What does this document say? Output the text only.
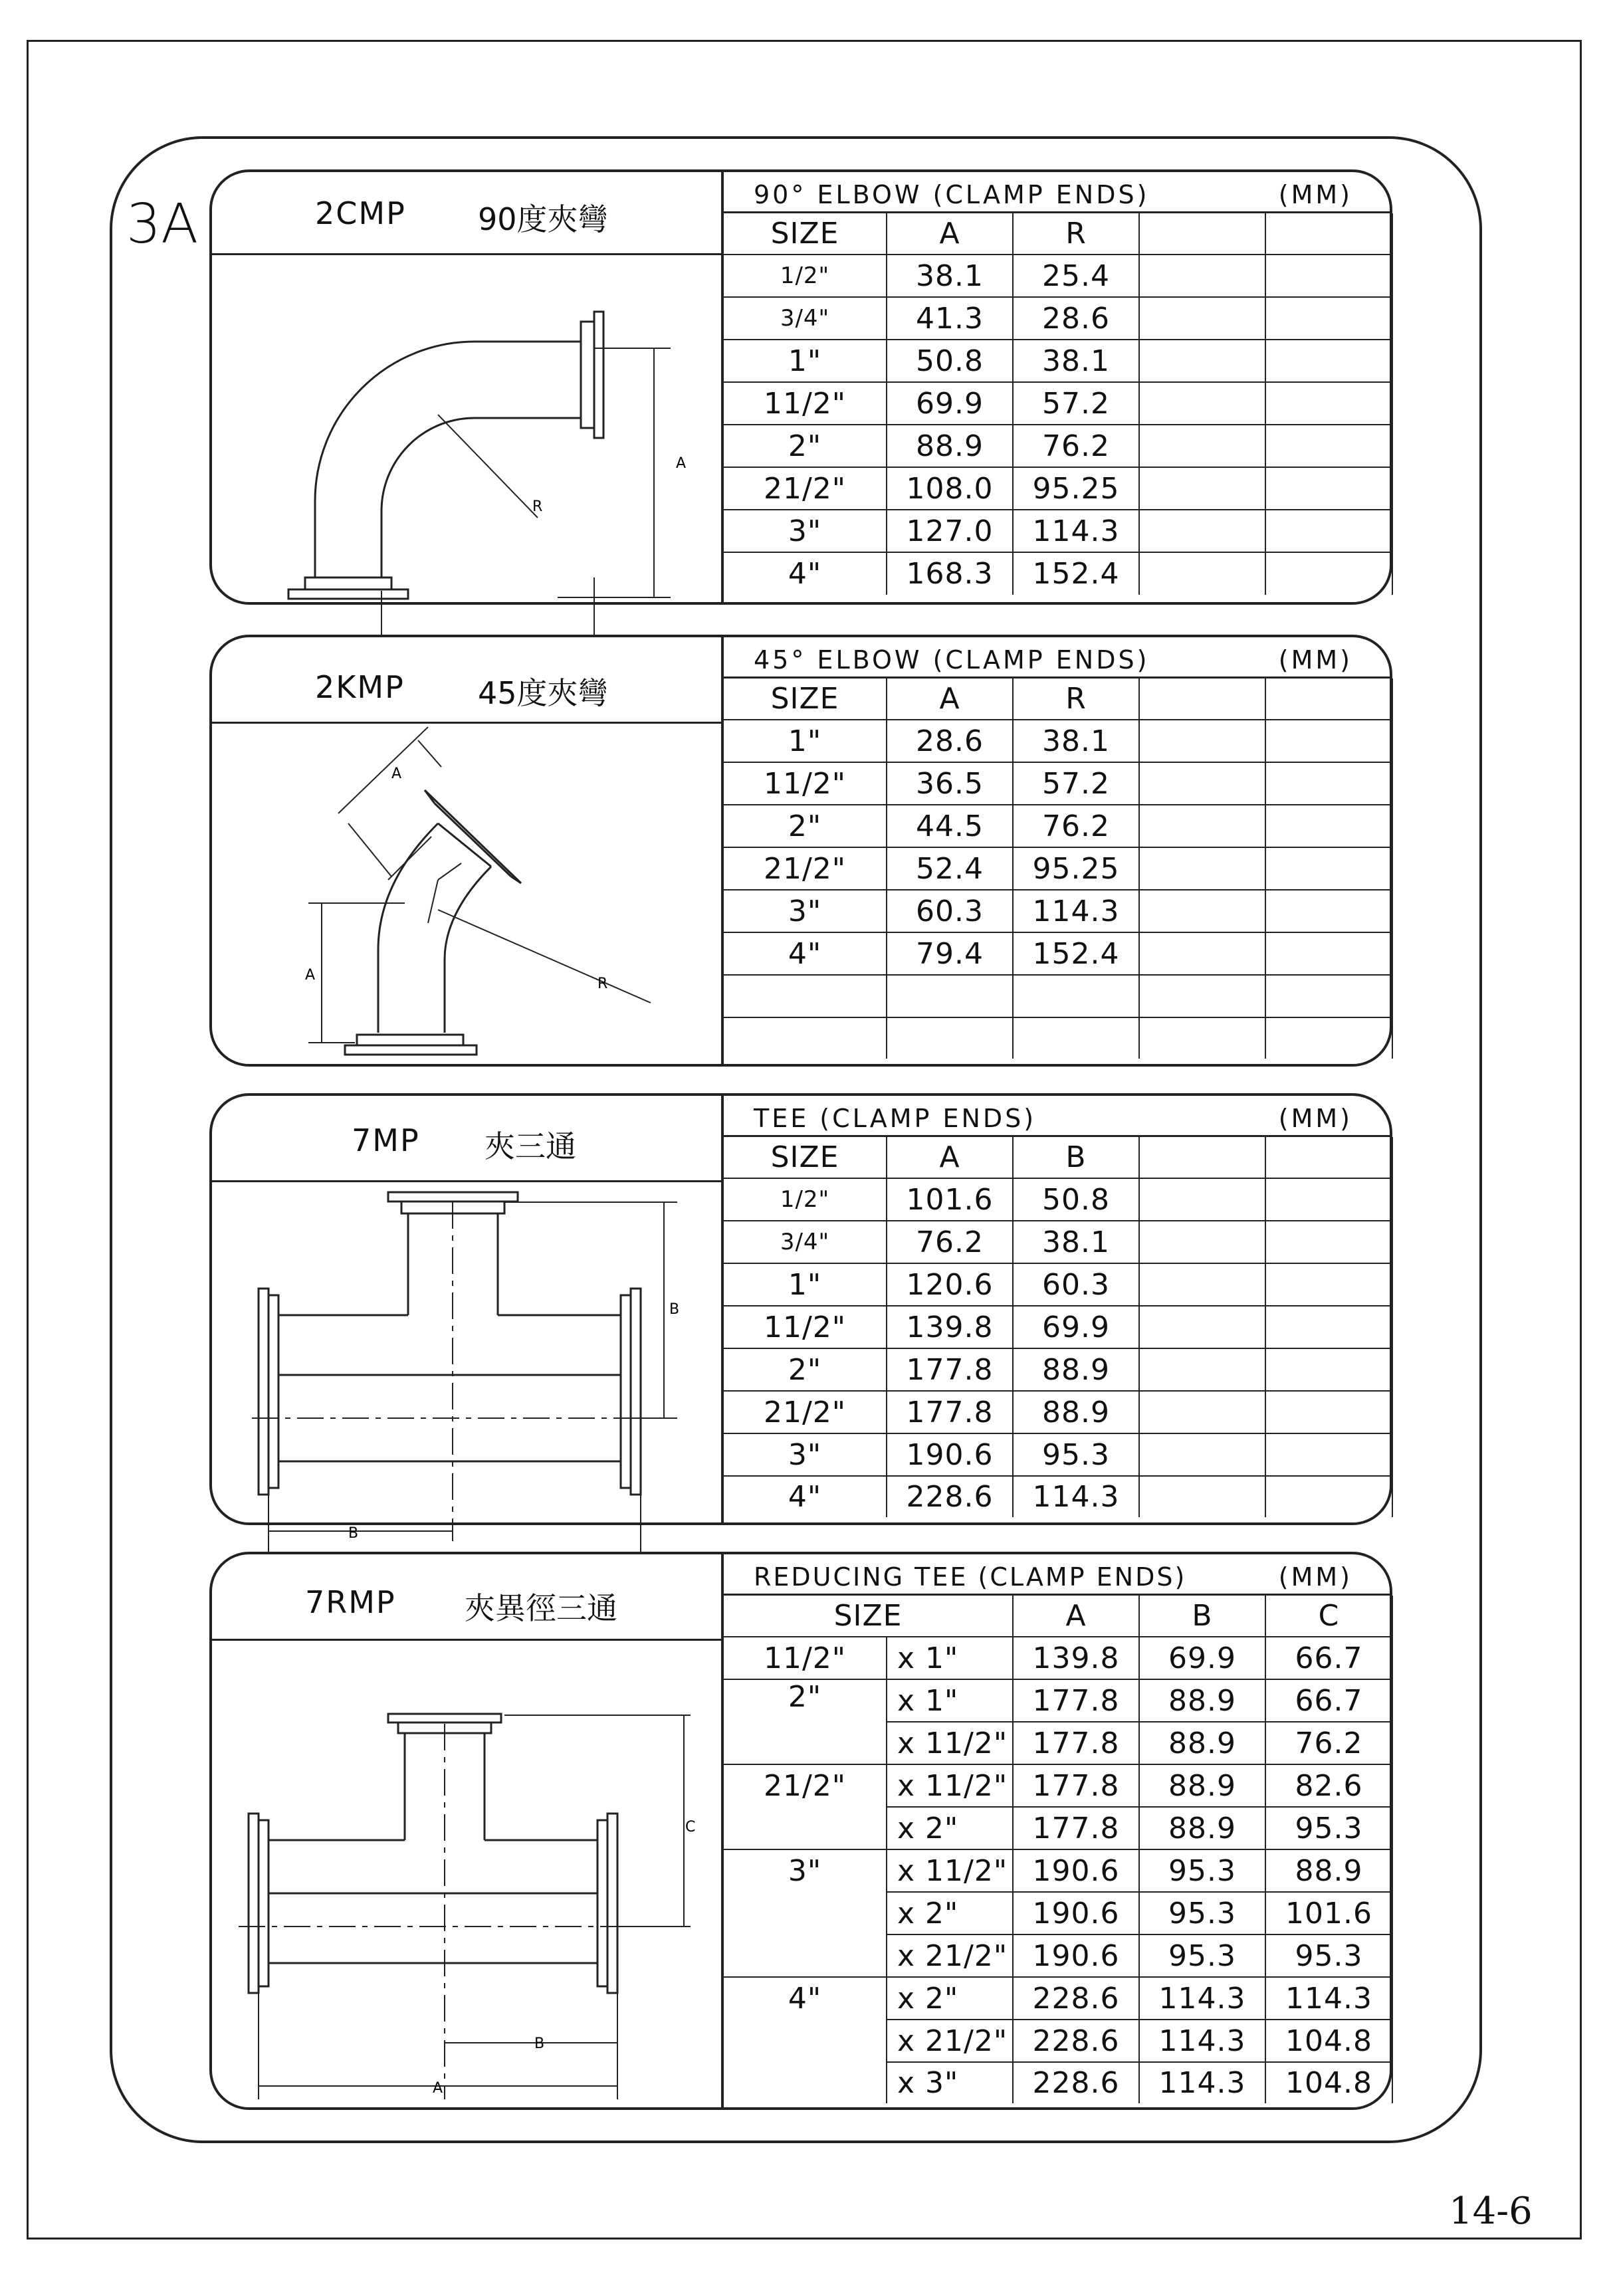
3A
14-6
2CMP 90度夾彎
A
R
90° ELBOW (CLAMP ENDS)	(MM)
SIZE	A	R		
1/2"	38.1	25.4		
3/4"	41.3	28.6		
1"	50.8	38.1		
11/2"	69.9	57.2		
2"	88.9	76.2		
21/2"	108.0	95.25		
3"	127.0	114.3		
4"	168.3	152.4		
2KMP 45度夾彎
A
A
R
45° ELBOW (CLAMP ENDS)	(MM)
SIZE	A	R		
1"	28.6	38.1		
11/2"	36.5	57.2		
2"	44.5	76.2		
21/2"	52.4	95.25		
3"	60.3	114.3		
4"	79.4	152.4		

7MP 夾三通
B
B
TEE (CLAMP ENDS)	(MM)
SIZE	A	B		
1/2"	101.6	50.8		
3/4"	76.2	38.1		
1"	120.6	60.3		
11/2"	139.8	69.9		
2"	177.8	88.9		
21/2"	177.8	88.9		
3"	190.6	95.3		
4"	228.6	114.3		
7RMP 夾異徑三通
C
B
A
REDUCING TEE (CLAMP ENDS)	(MM)
SIZE		A	B	C
11/2"	x 1"	139.8	69.9	66.7
2"	x 1"	177.8	88.9	66.7
	x 11/2"	177.8	88.9	76.2
21/2"	x 11/2"	177.8	88.9	82.6
	x 2"	177.8	88.9	95.3
3"	x 11/2"	190.6	95.3	88.9
	x 2"	190.6	95.3	101.6
	x 21/2"	190.6	95.3	95.3
4"	x 2"	228.6	114.3	114.3
	x 21/2"	228.6	114.3	104.8
	x 3"	228.6	114.3	104.8
